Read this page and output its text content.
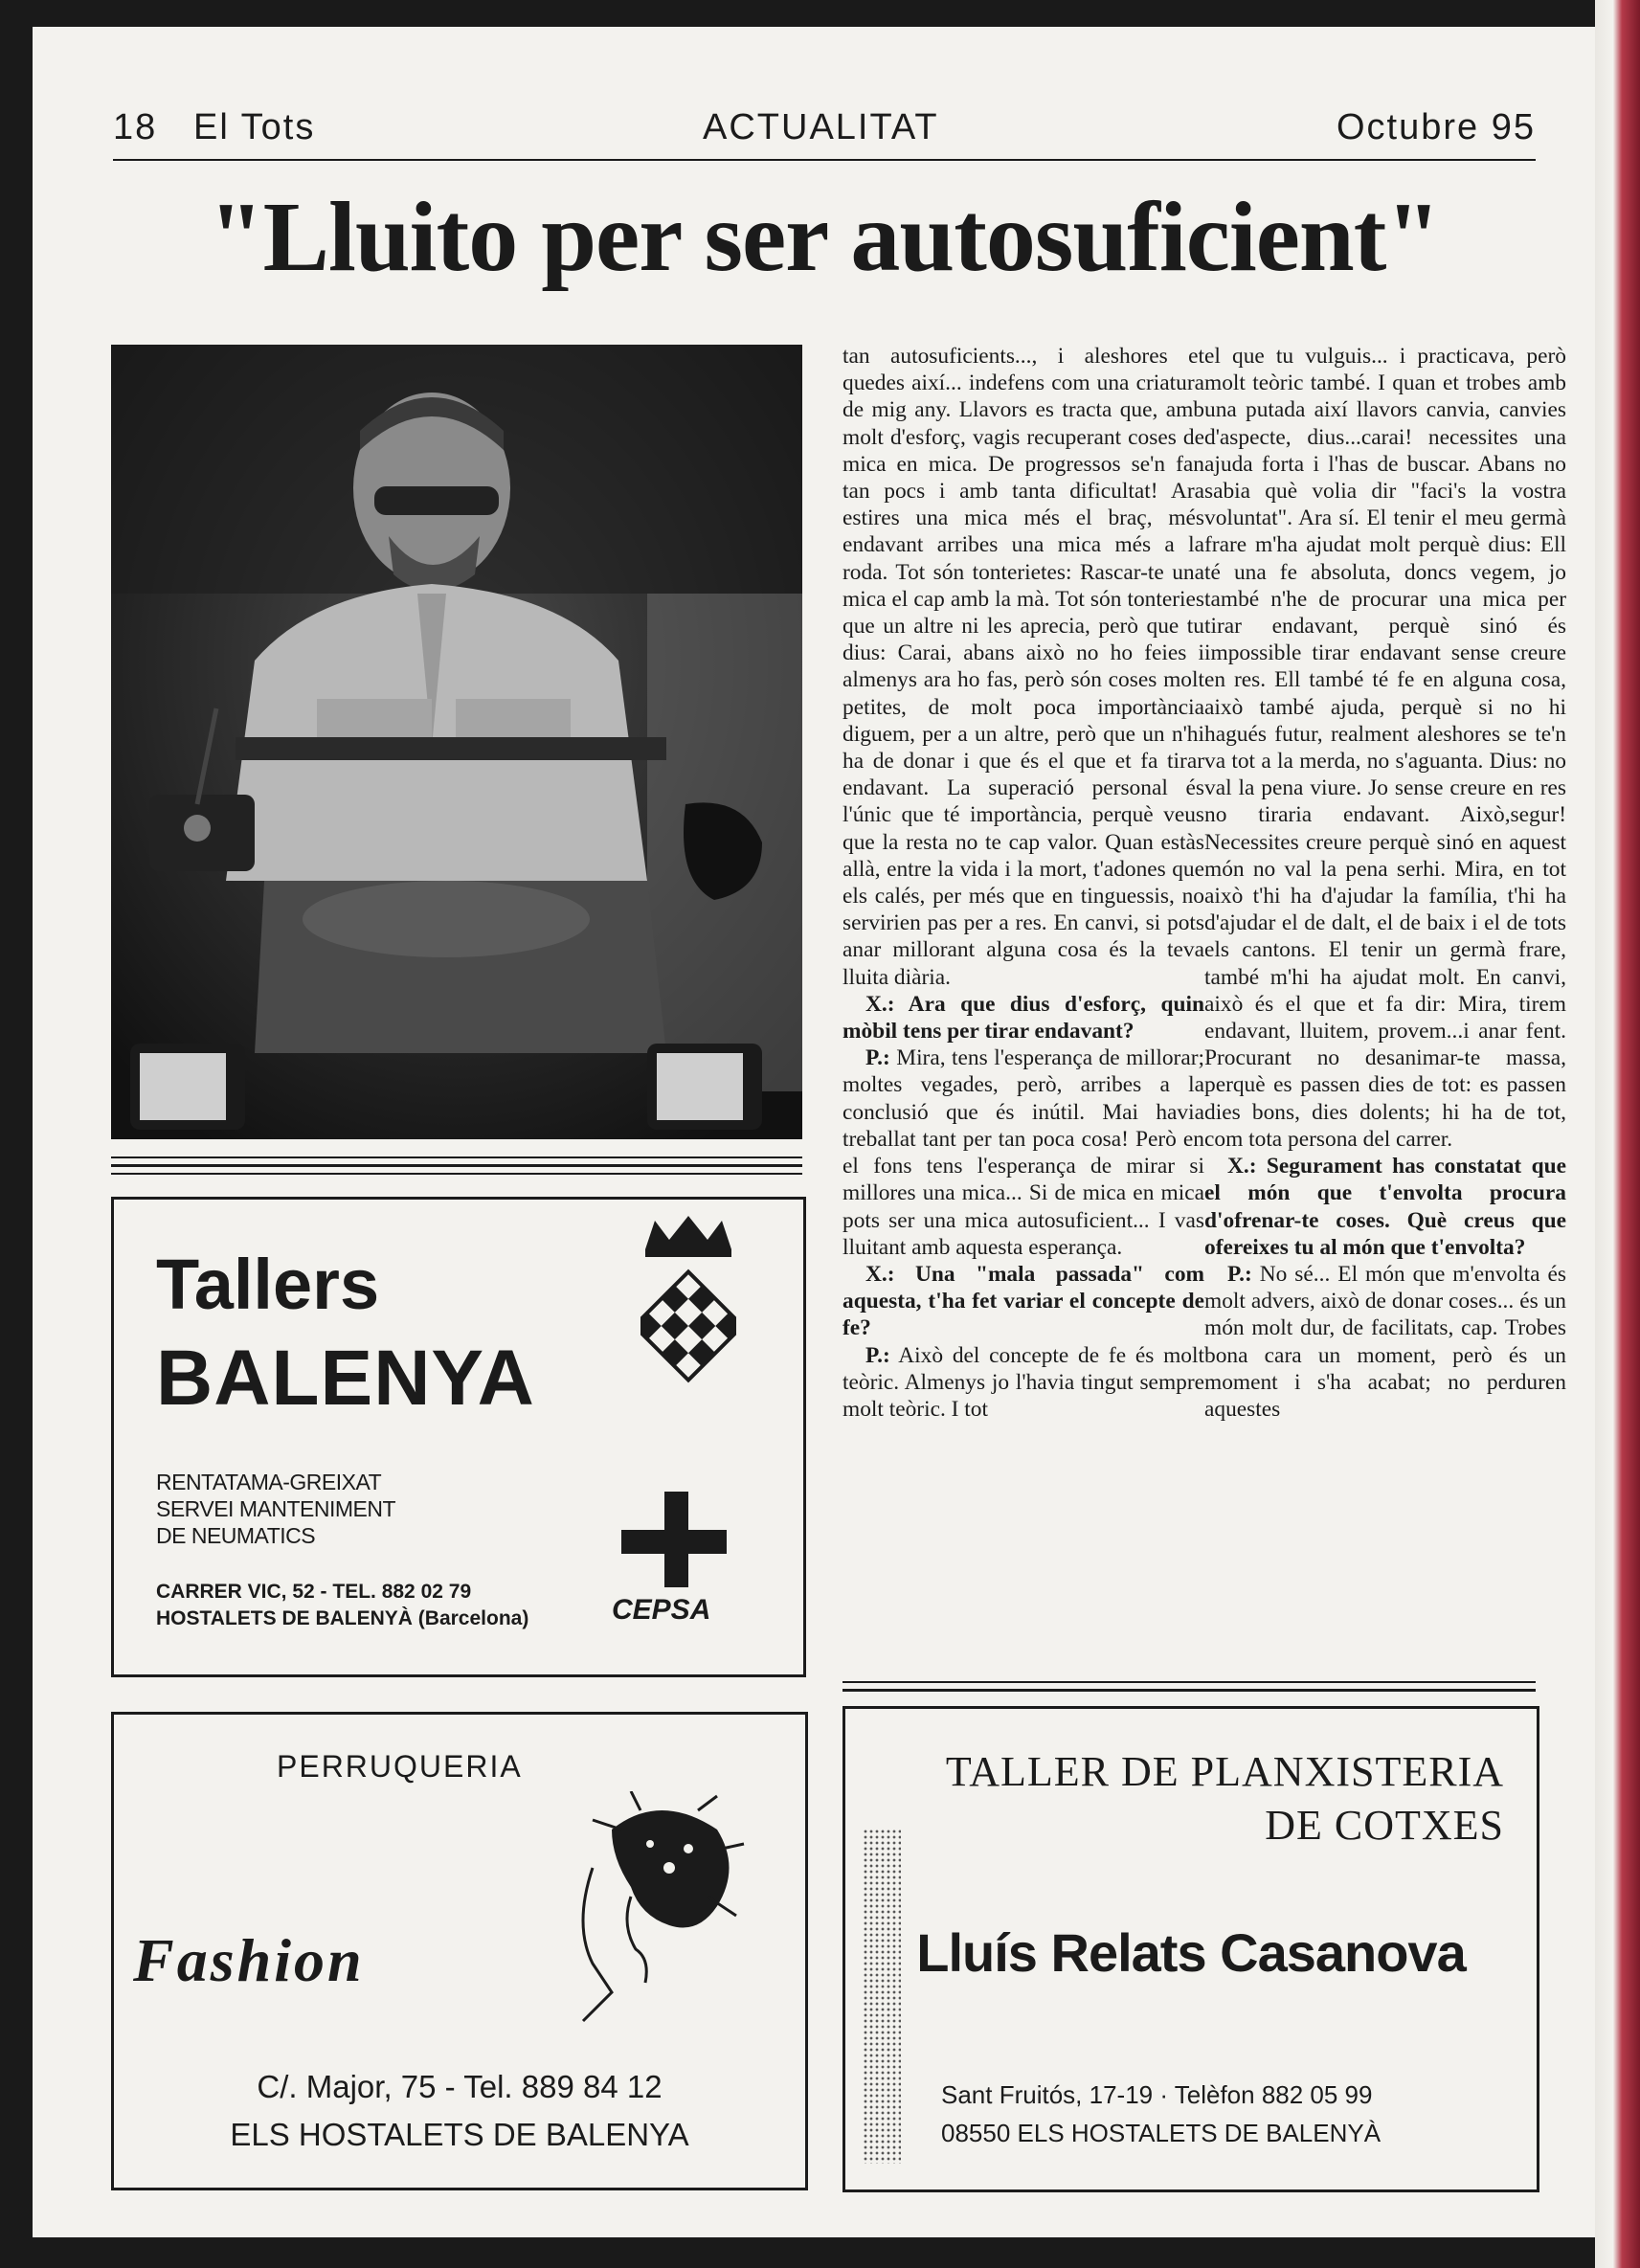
18 El Tots	ACTUALITAT	Octubre 95
"Lluito per ser autosuficient"

tan autosuficients..., i aleshores et quedes així... indefens com una criatura de mig any. Llavors es tracta que, amb molt d'esforç, vagis recuperant coses de mica en mica. De progressos se'n fan tan pocs i amb tanta dificultat! Ara estires una mica més el braç, més endavant arribes una mica més a la roda. Tot són tonterietes: Rascar-te una mica el cap amb la mà. Tot són tonteries que un altre ni les aprecia, però que tu dius: Carai, abans això no ho feies i almenys ara ho fas, però són coses molt petites, de molt poca importància diguem, per a un altre, però que un n'hi ha de donar i que és el que et fa tirar endavant. La superació personal és l'únic que té importància, perquè veus que la resta no te cap valor. Quan estàs allà, entre la vida i la mort, t'adones que els calés, per més que en tinguessis, no servirien pas per a res. En canvi, si pots anar millorant alguna cosa és la teva lluita diària.

X.: Ara que dius d'esforç, quin mòbil tens per tirar endavant?

P.: Mira, tens l'esperança de millorar; moltes vegades, però, arribes a la conclusió que és inútil. Mai havia treballat tant per tan poca cosa! Però en el fons tens l'esperança de mirar si millores una mica... Si de mica en mica pots ser una mica autosuficient... I vas lluitant amb aquesta esperança.

X.: Una "mala passada" com aquesta, t'ha fet variar el concepte de fe?

P.: Això del concepte de fe és molt teòric. Almenys jo l'havia tingut sempre molt teòric. I tot

el que tu vulguis... i practicava, però molt teòric també. I quan et trobes amb una putada així llavors canvia, canvies d'aspecte, dius...carai! necessites una ajuda forta i l'has de buscar. Abans no sabia què volia dir "faci's la vostra voluntat". Ara sí. El tenir el meu germà frare m'ha ajudat molt perquè dius: Ell té una fe absoluta, doncs vegem, jo també n'he de procurar una mica per tirar endavant, perquè sinó és impossible tirar endavant sense creure en res. Ell també té fe en alguna cosa, això també ajuda, perquè si no hi hagués futur, realment aleshores se te'n va tot a la merda, no s'aguanta. Dius: no val la pena viure. Jo sense creure en res no tiraria endavant. Això,segur! Necessites creure perquè sinó en aquest món no val la pena serhi. Mira, en tot això t'hi ha d'ajudar la família, t'hi ha d'ajudar el de dalt, el de baix i el de tots els cantons. El tenir un germà frare, també m'hi ha ajudat molt. En canvi, això és el que et fa dir: Mira, tirem endavant, lluitem, provem...i anar fent. Procurant no desanimar-te massa, perquè es passen dies de tot: es passen dies bons, dies dolents; hi ha de tot, com tota persona del carrer.

X.: Segurament has constatat que el món que t'envolta procura d'ofrenar-te coses. Què creus que ofereixes tu al món que t'envolta?

P.: No sé... El món que m'envolta és molt advers, això de donar coses... és un món molt dur, de facilitats, cap. Trobes bona cara un moment, però és un moment i s'ha acabat; no perduren aquestes

Tallers
BALENYA
RENTATAMA-GREIXAT
SERVEI MANTENIMENT
DE NEUMATICS
CARRER VIC, 52 - TEL. 882 02 79
HOSTALETS DE BALENYÀ (Barcelona)	CEPSA
PERRUQUERIA
Fashion
C/. Major, 75 - Tel. 889 84 12
ELS HOSTALETS DE BALENYA
TALLER DE PLANXISTERIA
DE COTXES
Lluís Relats Casanova
Sant Fruitós, 17-19 · Telèfon 882 05 99
08550 ELS HOSTALETS DE BALENYÀ
